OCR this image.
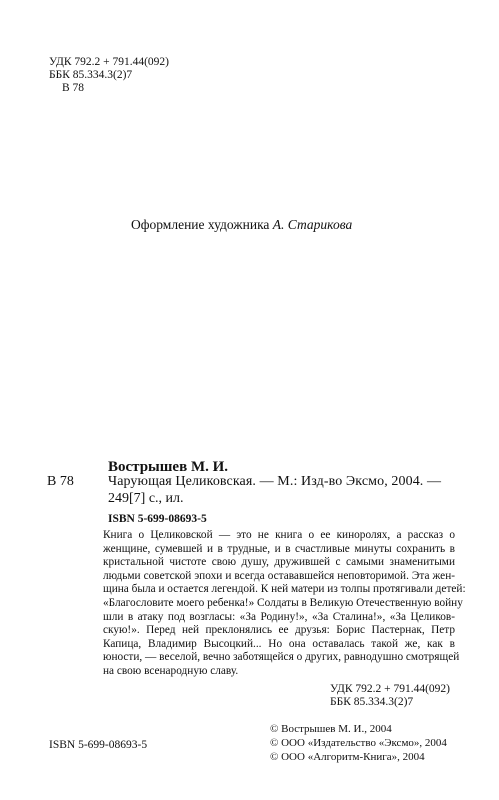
УДК 792.2 + 791.44(092)
ББК 85.334.3(2)7
В 78
Оформление художника А. Старикова
Вострышев М. И.
В 78 Чарующая Целиковская. — М.: Изд-во Эксмо, 2004. —
249[7] с., ил.
ISBN 5-699-08693-5
Книга о Целиковской — это не книга о ее киноролях, а рассказ о
женщине, сумевшей и в трудные, и в счастливые минуты сохранить в
кристальной чистоте свою душу, дружившей с самыми знаменитыми
людьми советской эпохи и всегда остававшейся неповторимой. Эта жен-
щина была и остается легендой. К ней матери из толпы протягивали детей:
«Благословите моего ребенка!» Солдаты в Великую Отечественную войну
шли в атаку под возгласы: «За Родину!», «За Сталина!», «За Целиков-
скую!». Перед ней преклонялись ее друзья: Борис Пастернак, Петр
Капица, Владимир Высоцкий... Но она оставалась такой же, как в
юности, — веселой, вечно заботящейся о других, равнодушно смотрящей
на свою всенародную славу.
УДК 792.2 + 791.44(092)
ББК 85.334.3(2)7
© Вострышев М. И., 2004
© ООО «Издательство «Эксмо», 2004
© ООО «Алгоритм-Книга», 2004
ISBN 5-699-08693-5
